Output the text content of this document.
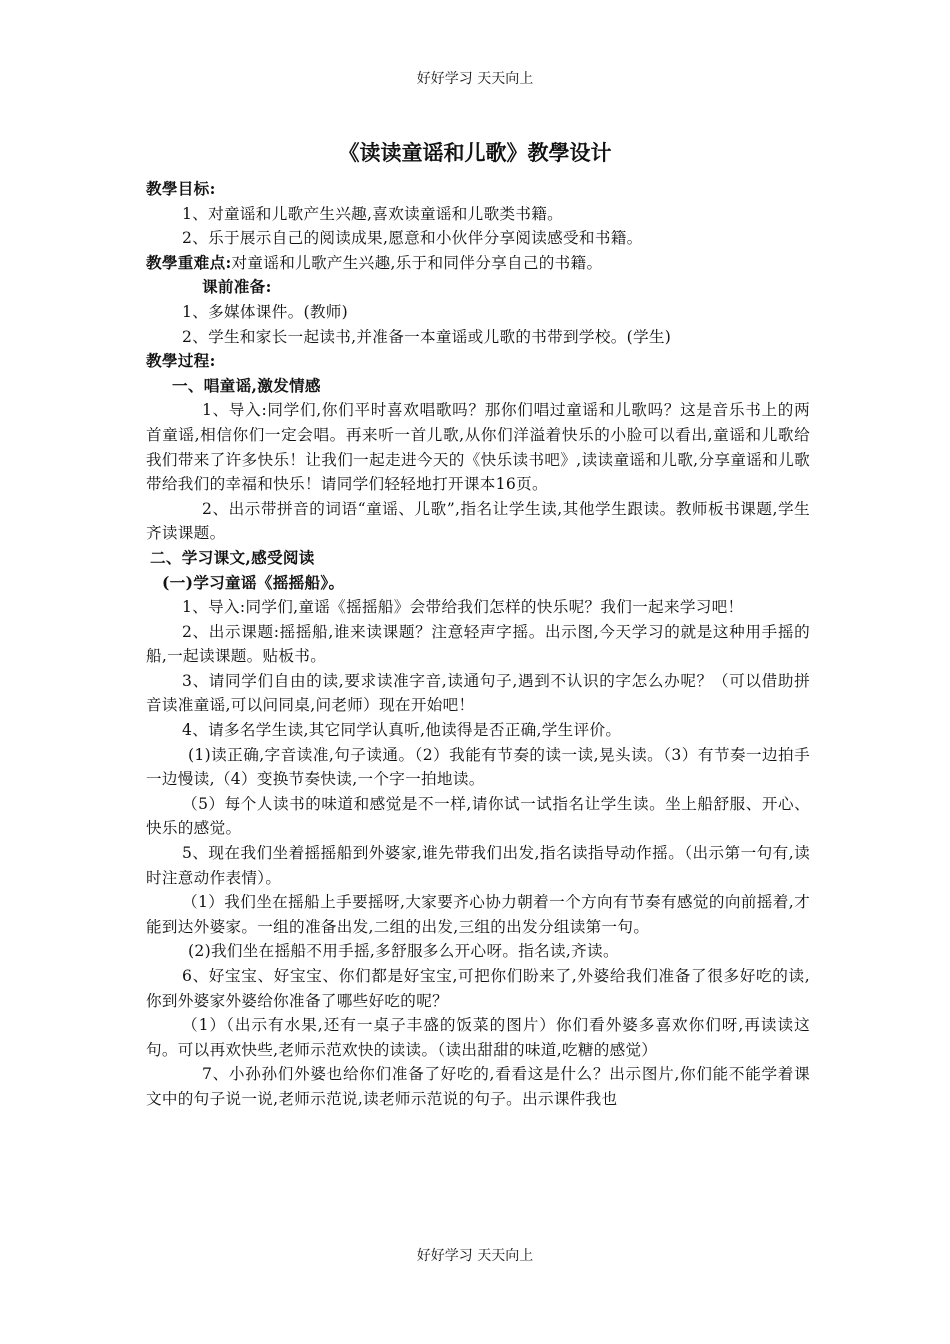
好好学习 天天向上
《读读童谣和儿歌》教學设计

教學目标:

1、对童谣和儿歌产生兴趣,喜欢读童谣和儿歌类书籍。

2、乐于展示自己的阅读成果,愿意和小伙伴分享阅读感受和书籍。

教學重难点:对童谣和儿歌产生兴趣,乐于和同伴分享自己的书籍。

课前准备:

1、多媒体课件。(教师)

2、学生和家长一起读书,并准备一本童谣或儿歌的书带到学校。(学生)

教學过程:

一、唱童谣,激发情感

1、导入:同学们,你们平时喜欢唱歌吗？那你们唱过童谣和儿歌吗？这是音乐书上的两首童谣,相信你们一定会唱。再来听一首儿歌,从你们洋溢着快乐的小脸可以看出,童谣和儿歌给我们带来了许多快乐！让我们一起走进今天的《快乐读书吧》,读读童谣和儿歌,分享童谣和儿歌带给我们的幸福和快乐！请同学们轻轻地打开课本16页。

2、出示带拼音的词语“童谣、儿歌”,指名让学生读,其他学生跟读。教师板书课题,学生齐读课题。

二、学习课文,感受阅读

(一)学习童谣《摇摇船》。

1、导入:同学们,童谣《摇摇船》会带给我们怎样的快乐呢？我们一起来学习吧！

2、出示课题:摇摇船,谁来读课题？注意轻声字摇。出示图,今天学习的就是这种用手摇的船,一起读课题。贴板书。

3、请同学们自由的读,要求读准字音,读通句子,遇到不认识的字怎么办呢？（可以借助拼音读准童谣,可以问同桌,问老师）现在开始吧！

4、请多名学生读,其它同学认真听,他读得是否正确,学生评价。

(1)读正确,字音读准,句子读通。（2）我能有节奏的读一读,晃头读。（3）有节奏一边拍手一边慢读,（4）变换节奏快读,一个字一拍地读。

（5）每个人读书的味道和感觉是不一样,请你试一试指名让学生读。坐上船舒服、开心、快乐的感觉。

5、现在我们坐着摇摇船到外婆家,谁先带我们出发,指名读指导动作摇。（出示第一句有,读时注意动作表情）。

（1）我们坐在摇船上手要摇呀,大家要齐心协力朝着一个方向有节奏有感觉的向前摇着,才能到达外婆家。一组的准备出发,二组的出发,三组的出发分组读第一句。

(2)我们坐在摇船不用手摇,多舒服多么开心呀。指名读,齐读。

6、好宝宝、好宝宝、你们都是好宝宝,可把你们盼来了,外婆给我们准备了很多好吃的读,你到外婆家外婆给你准备了哪些好吃的呢？

（1）（出示有水果,还有一桌子丰盛的饭菜的图片）你们看外婆多喜欢你们呀,再读读这句。可以再欢快些,老师示范欢快的读读。（读出甜甜的味道,吃糖的感觉）

7、小孙孙们外婆也给你们准备了好吃的,看看这是什么？出示图片,你们能不能学着课文中的句子说一说,老师示范说,读老师示范说的句子。出示课件我也

好好学习 天天向上
